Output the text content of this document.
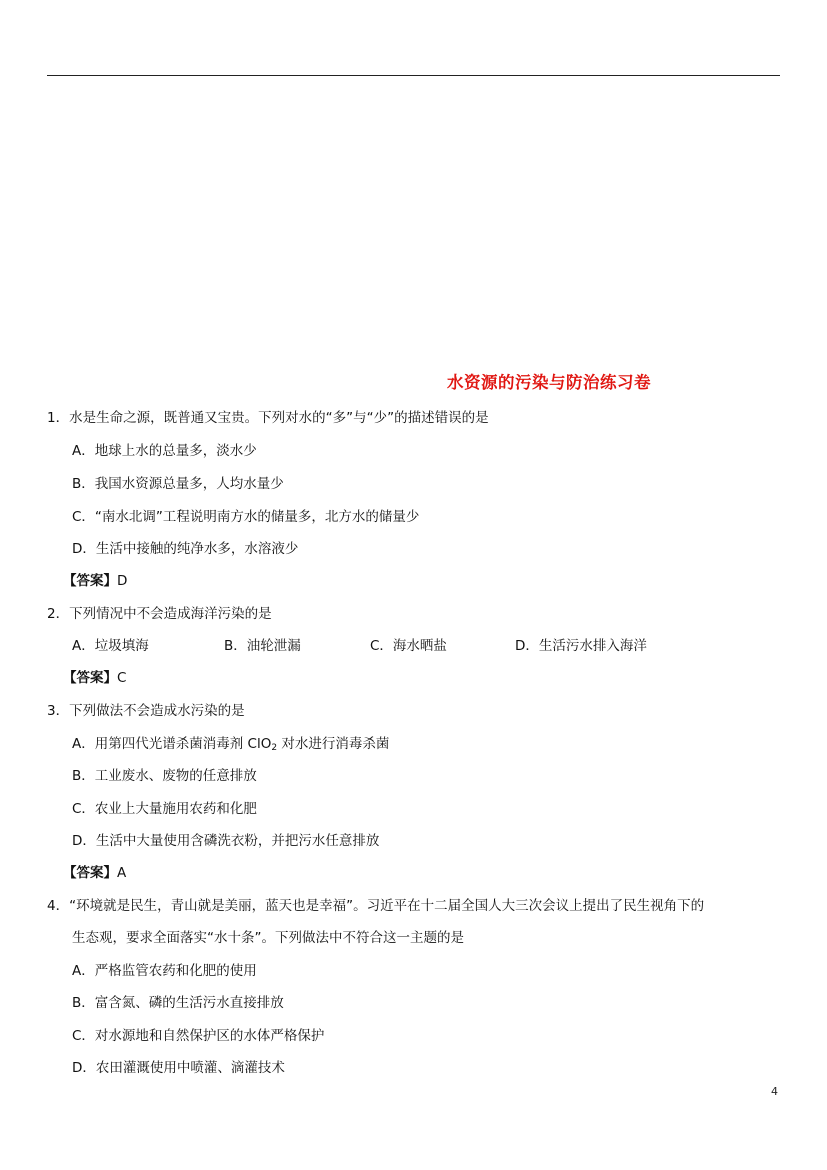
水资源的污染与防治练习卷
1．水是生命之源，既普通又宝贵。下列对水的“多”与“少”的描述错误的是
A．地球上水的总量多，淡水少
B．我国水资源总量多，人均水量少
C．“南水北调”工程说明南方水的储量多，北方水的储量少
D．生活中接触的纯净水多，水溶液少
【答案】D
2．下列情况中不会造成海洋污染的是
A．垃圾填海	B．油轮泄漏	C．海水晒盐	D．生活污水排入海洋
【答案】C
3．下列做法不会造成水污染的是
A．用第四代光谱杀菌消毒剂 ClO$_2$ 对水进行消毒杀菌
B．工业废水、废物的任意排放
C．农业上大量施用农药和化肥
D．生活中大量使用含磷洗衣粉，并把污水任意排放
【答案】A
4．“环境就是民生，青山就是美丽，蓝天也是幸福”。习近平在十二届全国人大三次会议上提出了民生视角下的
生态观，要求全面落实“水十条”。下列做法中不符合这一主题的是
A．严格监管农药和化肥的使用
B．富含氮、磷的生活污水直接排放
C．对水源地和自然保护区的水体严格保护
D．农田灌溉使用中喷灌、滴灌技术
4
